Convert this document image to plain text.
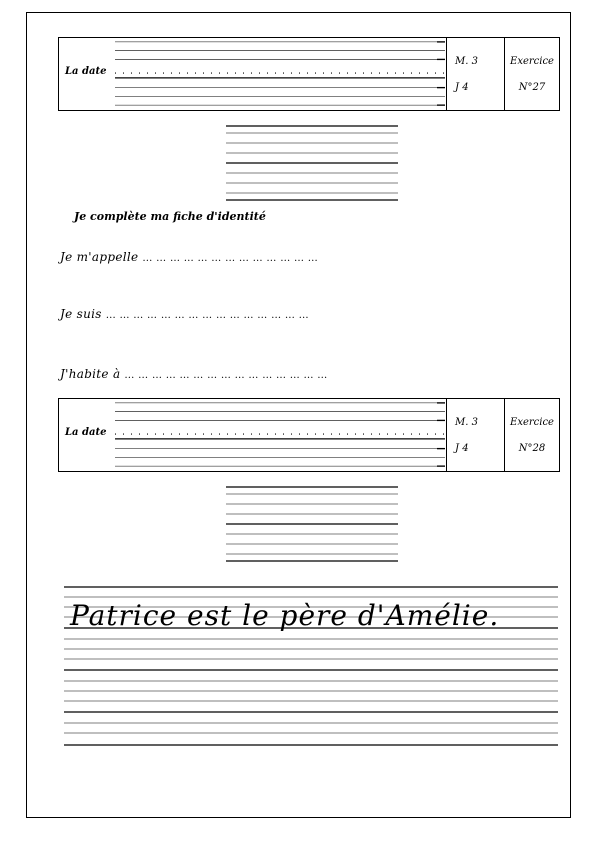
La date
M. 3
J 4
Exercice
N°27
Je complète ma fiche d'identité
Je m'appelle … … … … … … … … … … … … …
Je suis … … … … … … … … … … … … … … …
J'habite à … … … … … … … … … … … … … … …
La date
M. 3
J 4
Exercice
N°28
Patrice est le père d'Amélie.
